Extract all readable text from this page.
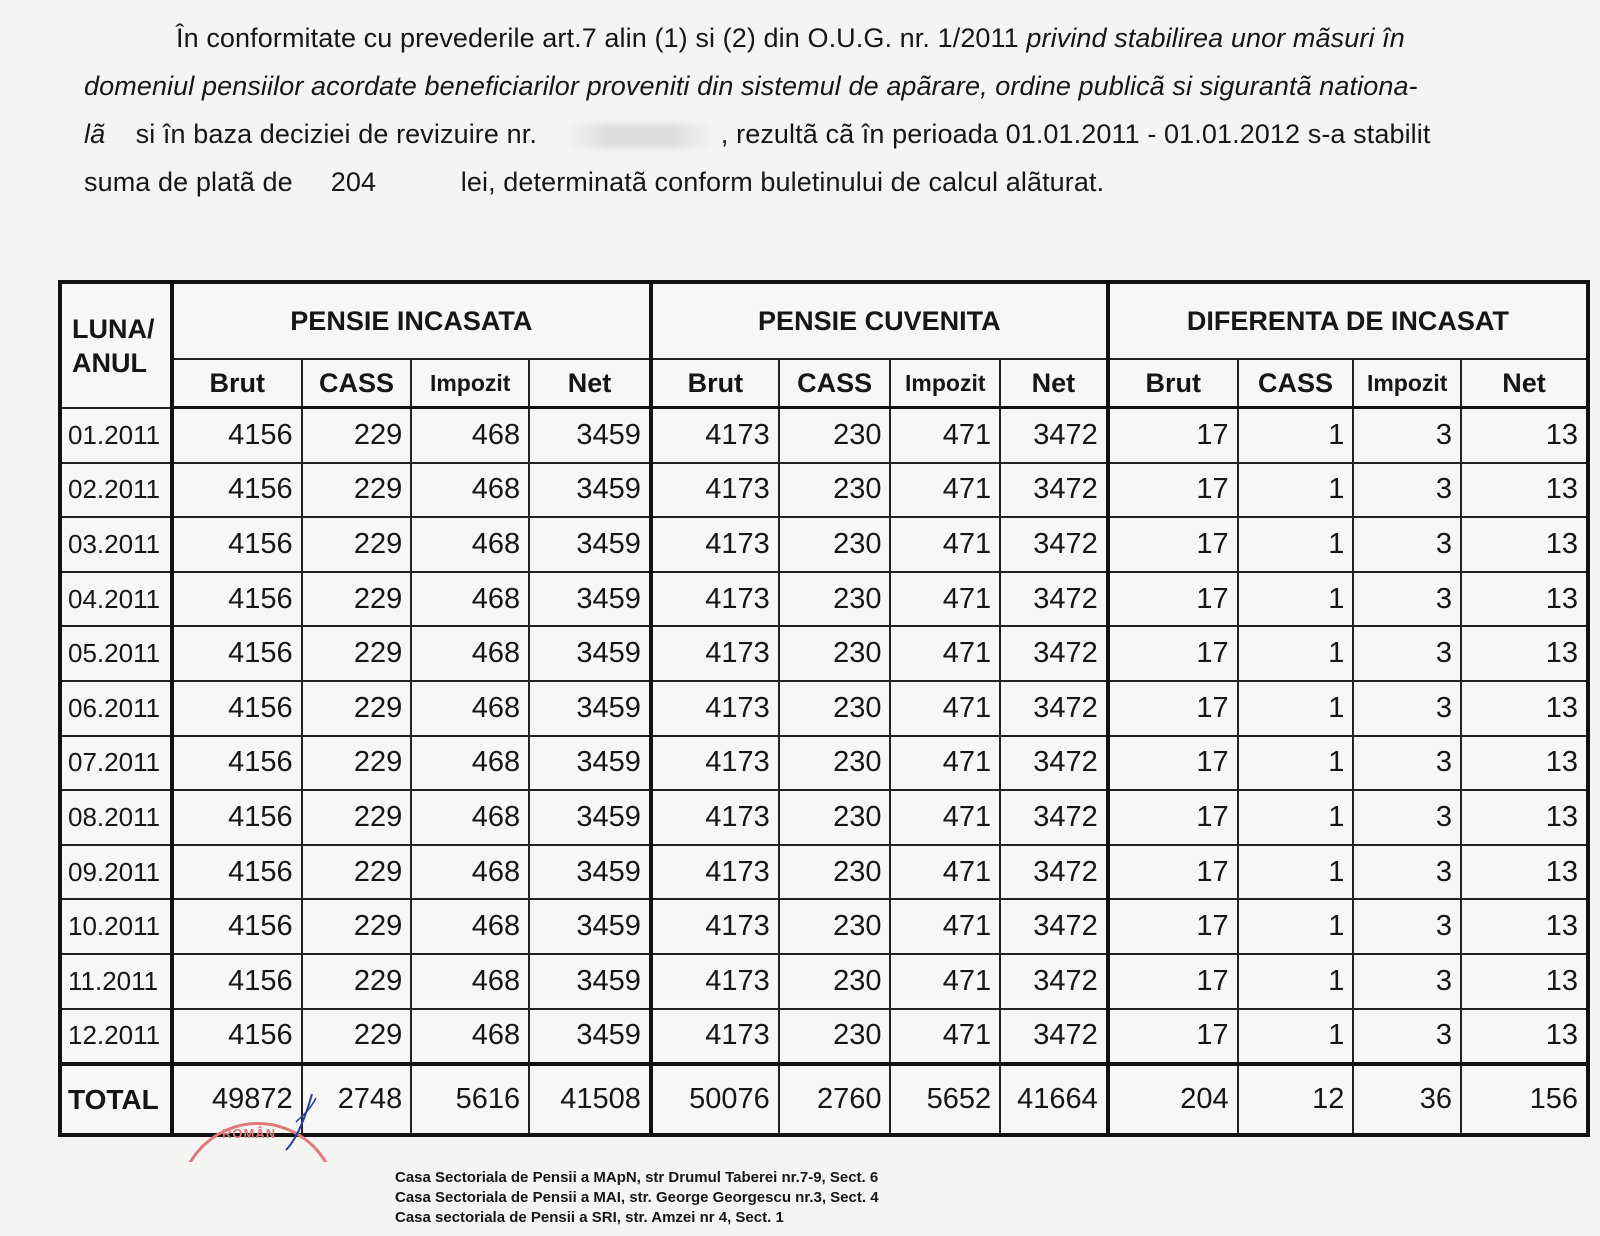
În conformitate cu prevederile art.7 alin (1) si (2) din O.U.G. nr. 1/2011 privind stabilirea unor mãsuri în
domeniul pensiilor acordate beneficiarilor proveniti din sistemul de apãrare, ordine publicã si sigurantã nationa-
lã si în baza deciziei de revizuire nr.	, rezultã cã în perioada 01.01.2011 - 01.01.2012 s-a stabilit
suma de platã de 204	lei, determinatã conform buletinului de calcul alãturat.
LUNA/
ANUL	PENSIE INCASATA				PENSIE CUVENITA				DIFERENTA DE INCASAT			
	Brut	CASS	Impozit	Net	Brut	CASS	Impozit	Net	Brut	CASS	Impozit	Net
01.2011	4156	229	468	3459	4173	230	471	3472	17	1	3	13
02.2011	4156	229	468	3459	4173	230	471	3472	17	1	3	13
03.2011	4156	229	468	3459	4173	230	471	3472	17	1	3	13
04.2011	4156	229	468	3459	4173	230	471	3472	17	1	3	13
05.2011	4156	229	468	3459	4173	230	471	3472	17	1	3	13
06.2011	4156	229	468	3459	4173	230	471	3472	17	1	3	13
07.2011	4156	229	468	3459	4173	230	471	3472	17	1	3	13
08.2011	4156	229	468	3459	4173	230	471	3472	17	1	3	13
09.2011	4156	229	468	3459	4173	230	471	3472	17	1	3	13
10.2011	4156	229	468	3459	4173	230	471	3472	17	1	3	13
11.2011	4156	229	468	3459	4173	230	471	3472	17	1	3	13
12.2011	4156	229	468	3459	4173	230	471	3472	17	1	3	13
TOTAL	49872	2748	5616	41508	50076	2760	5652	41664	204	12	36	156
ROMÂN
Casa Sectoriala de Pensii a MApN, str Drumul Taberei nr.7-9, Sect. 6
Casa Sectoriala de Pensii a MAI, str. George Georgescu nr.3, Sect. 4
Casa sectoriala de Pensii a SRI, str. Amzei nr 4, Sect. 1
